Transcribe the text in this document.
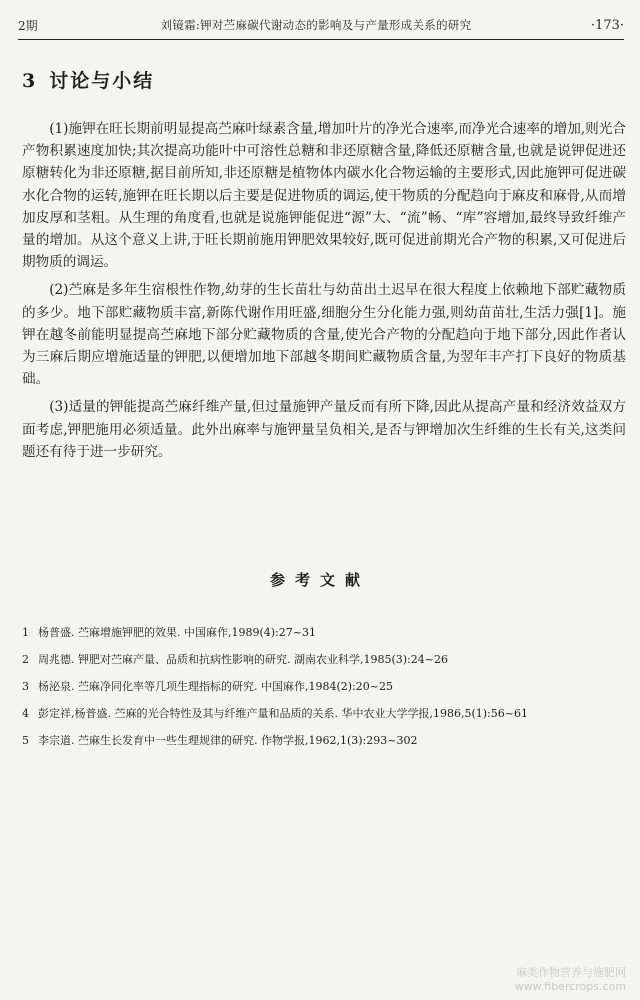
2期	刘镜霜:钾对苎麻碳代谢动态的影响及与产量形成关系的研究	·173·
3 讨论与小结

(1)施钾在旺长期前明显提高苎麻叶绿素含量,增加叶片的净光合速率,而净光合速率的增加,则光合产物积累速度加快;其次提高功能叶中可溶性总糖和非还原糖含量,降低还原糖含量,也就是说钾促进还原糖转化为非还原糖,据目前所知,非还原糖是植物体内碳水化合物运输的主要形式,因此施钾可促进碳水化合物的运转,施钾在旺长期以后主要是促进物质的调运,使干物质的分配趋向于麻皮和麻骨,从而增加皮厚和茎粗。从生理的角度看,也就是说施钾能促进“源”大、“流”畅、“库”容增加,最终导致纤维产量的增加。从这个意义上讲,于旺长期前施用钾肥效果较好,既可促进前期光合产物的积累,又可促进后期物质的调运。

(2)苎麻是多年生宿根性作物,幼芽的生长苗壮与幼苗出土迟早在很大程度上依赖地下部贮藏物质的多少。地下部贮藏物质丰富,新陈代谢作用旺盛,细胞分生分化能力强,则幼苗苗壮,生活力强[1]。施钾在越冬前能明显提高苎麻地下部分贮藏物质的含量,使光合产物的分配趋向于地下部分,因此作者认为三麻后期应增施适量的钾肥,以便增加地下部越冬期间贮藏物质含量,为翌年丰产打下良好的物质基础。

(3)适量的钾能提高苎麻纤维产量,但过量施钾产量反而有所下降,因此从提高产量和经济效益双方面考虑,钾肥施用必须适量。此外出麻率与施钾量呈负相关,是否与钾增加次生纤维的生长有关,这类问题还有待于进一步研究。

参考文献
1 杨普盛. 苎麻增施钾肥的效果. 中国麻作,1989(4):27~31
2 周兆德. 钾肥对苎麻产量、品质和抗病性影响的研究. 湖南农业科学,1985(3):24~26
3 杨泌泉. 苎麻净同化率等几项生理指标的研究. 中国麻作,1984(2):20~25
4 彭定祥,杨普盛. 苎麻的光合特性及其与纤维产量和品质的关系. 华中农业大学学报,1986,5(1):56~61
5 李宗道. 苎麻生长发育中一些生理规律的研究. 作物学报,1962,1(3):293~302
麻类作物营养与施肥网
www.fibercrops.com
